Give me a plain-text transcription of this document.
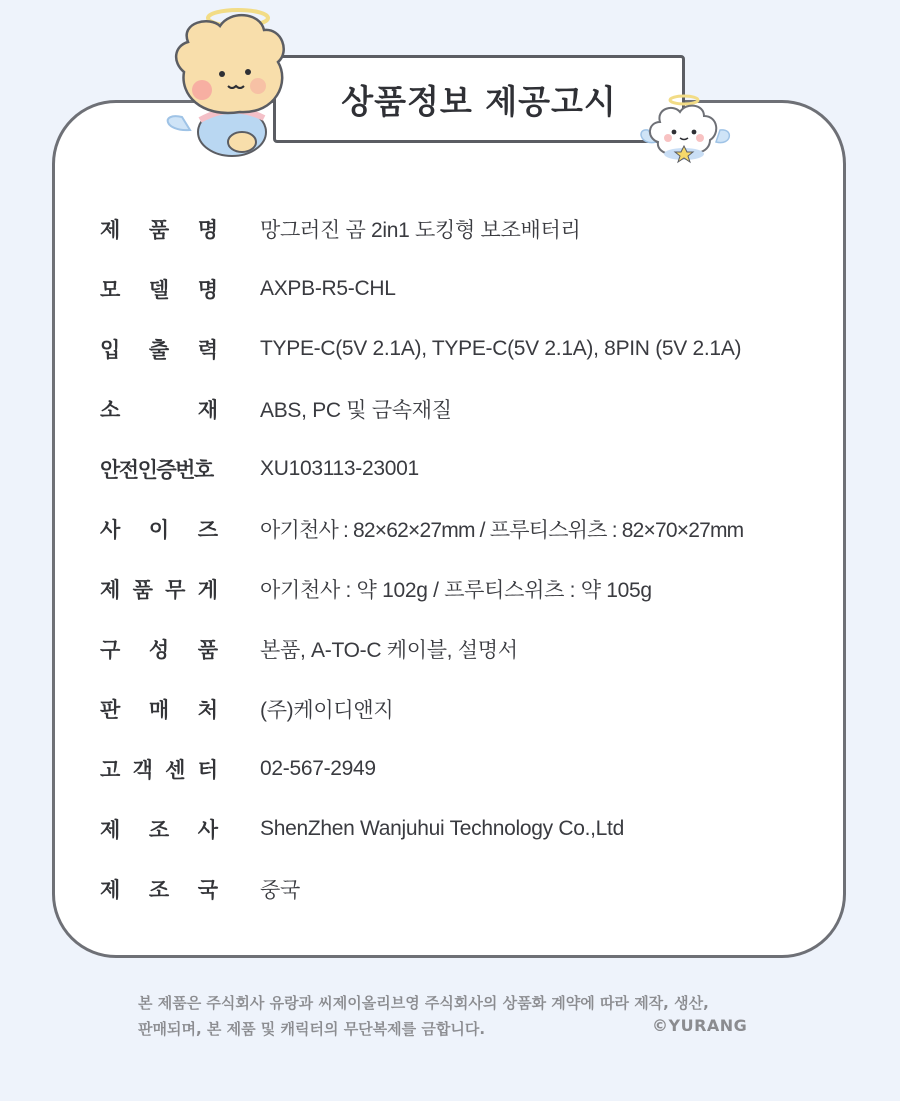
상품정보 제공고시
제 품 명 망그러진 곰 2in1 도킹형 보조배터리
모 델 명 AXPB-R5-CHL
입 출 력 TYPE-C(5V 2.1A), TYPE-C(5V 2.1A), 8PIN (5V 2.1A)
소	재 ABS, PC 및 금속재질
안전인증번호	XU103113-23001
사 이 즈 아기천사 : 82×62×27mm / 프루티스위츠 : 82×70×27mm
제 품 무 게 아기천사 : 약 102g / 프루티스위츠 : 약 105g
구 성 품 본품, A-TO-C 케이블, 설명서
판 매 처 (주)케이디앤지
고 객 센 터 02-567-2949
제 조 사 ShenZhen Wanjuhui Technology Co.,Ltd
제 조 국 중국
본 제품은 주식회사 유랑과 씨제이올리브영 주식회사의 상품화 계약에 따라 제작, 생산,
판매되며, 본 제품 및 캐릭터의 무단복제를 금합니다.	©YURANG
